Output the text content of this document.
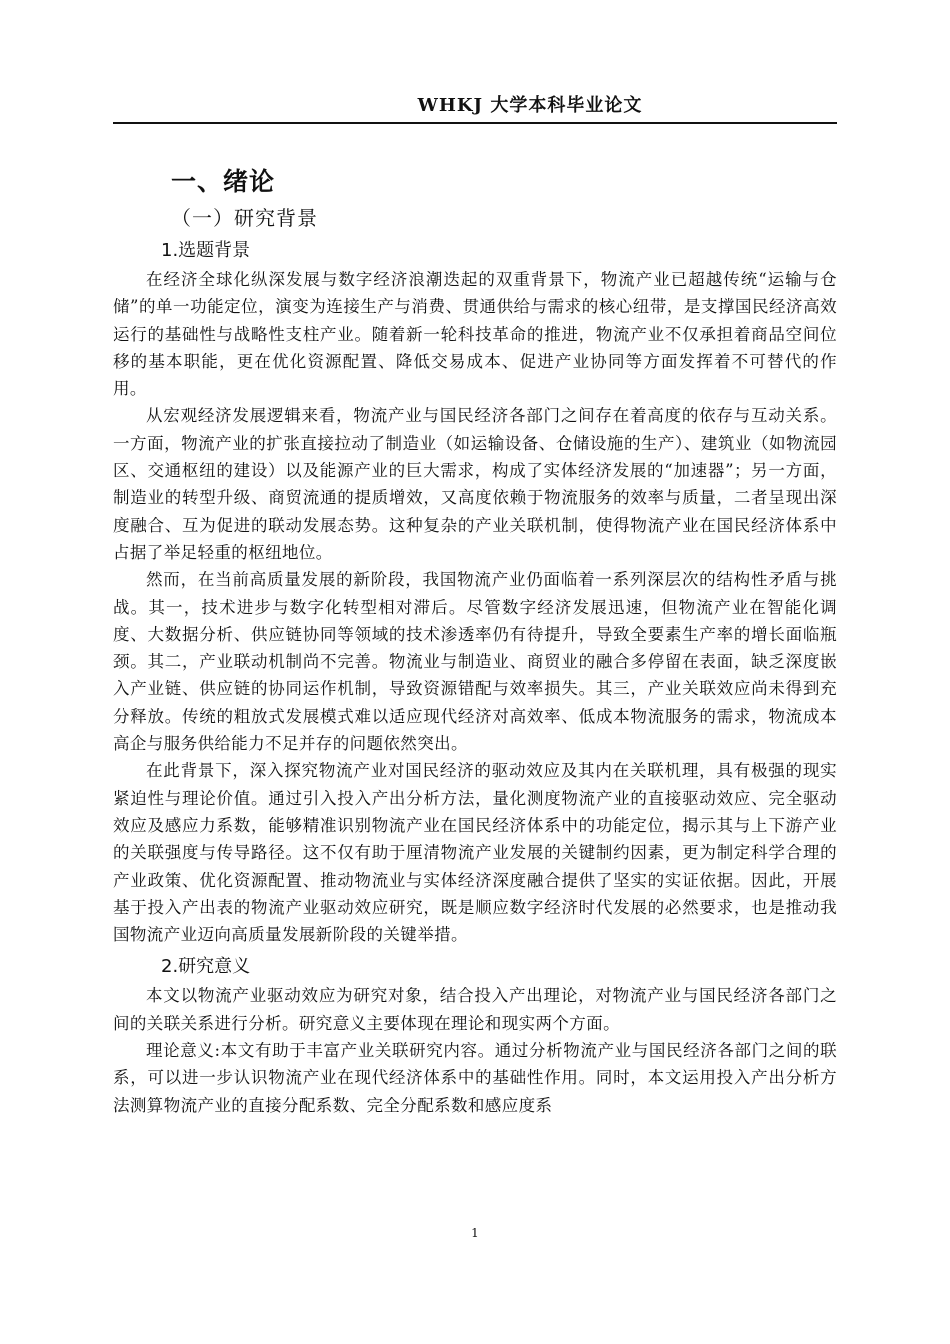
WHKJ 大学本科毕业论文
一、绪论
（一）研究背景
1.选题背景

在经济全球化纵深发展与数字经济浪潮迭起的双重背景下，物流产业已超越传统“运输与仓储”的单一功能定位，演变为连接生产与消费、贯通供给与需求的核心纽带，是支撑国民经济高效运行的基础性与战略性支柱产业。随着新一轮科技革命的推进，物流产业不仅承担着商品空间位移的基本职能，更在优化资源配置、降低交易成本、促进产业协同等方面发挥着不可替代的作用。

从宏观经济发展逻辑来看，物流产业与国民经济各部门之间存在着高度的依存与互动关系。一方面，物流产业的扩张直接拉动了制造业（如运输设备、仓储设施的生产）、建筑业（如物流园区、交通枢纽的建设）以及能源产业的巨大需求，构成了实体经济发展的“加速器”；另一方面，制造业的转型升级、商贸流通的提质增效，又高度依赖于物流服务的效率与质量，二者呈现出深度融合、互为促进的联动发展态势。这种复杂的产业关联机制，使得物流产业在国民经济体系中占据了举足轻重的枢纽地位。

然而，在当前高质量发展的新阶段，我国物流产业仍面临着一系列深层次的结构性矛盾与挑战。其一，技术进步与数字化转型相对滞后。尽管数字经济发展迅速，但物流产业在智能化调度、大数据分析、供应链协同等领域的技术渗透率仍有待提升，导致全要素生产率的增长面临瓶颈。其二，产业联动机制尚不完善。物流业与制造业、商贸业的融合多停留在表面，缺乏深度嵌入产业链、供应链的协同运作机制，导致资源错配与效率损失。其三，产业关联效应尚未得到充分释放。传统的粗放式发展模式难以适应现代经济对高效率、低成本物流服务的需求，物流成本高企与服务供给能力不足并存的问题依然突出。

在此背景下，深入探究物流产业对国民经济的驱动效应及其内在关联机理，具有极强的现实紧迫性与理论价值。通过引入投入产出分析方法，量化测度物流产业的直接驱动效应、完全驱动效应及感应力系数，能够精准识别物流产业在国民经济体系中的功能定位，揭示其与上下游产业的关联强度与传导路径。这不仅有助于厘清物流产业发展的关键制约因素，更为制定科学合理的产业政策、优化资源配置、推动物流业与实体经济深度融合提供了坚实的实证依据。因此，开展基于投入产出表的物流产业驱动效应研究，既是顺应数字经济时代发展的必然要求，也是推动我国物流产业迈向高质量发展新阶段的关键举措。

2.研究意义

本文以物流产业驱动效应为研究对象，结合投入产出理论，对物流产业与国民经济各部门之间的关联关系进行分析。研究意义主要体现在理论和现实两个方面。

理论意义:本文有助于丰富产业关联研究内容。通过分析物流产业与国民经济各部门之间的联系，可以进一步认识物流产业在现代经济体系中的基础性作用。同时，本文运用投入产出分析方法测算物流产业的直接分配系数、完全分配系数和感应度系

1
